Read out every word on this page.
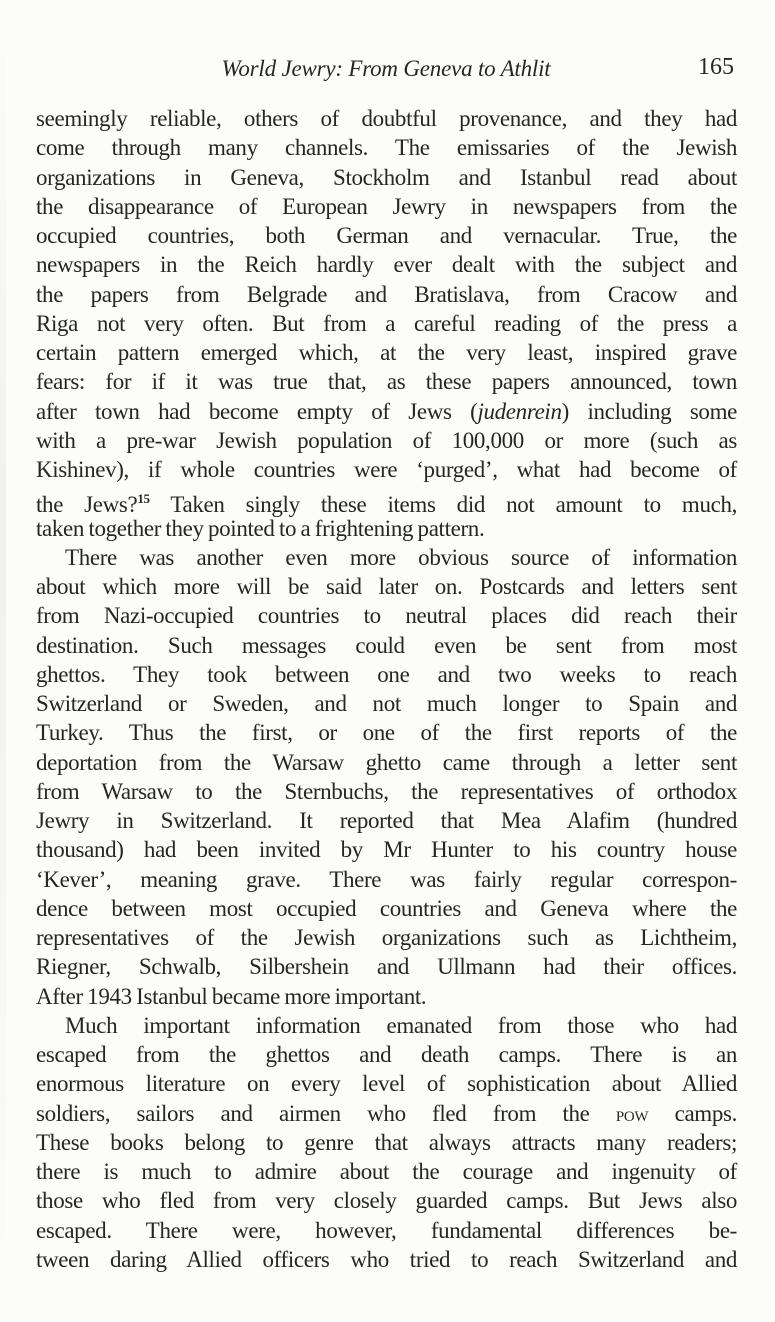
World Jewry: From Geneva to Athlit	165
seemingly reliable, others of doubtful provenance, and they had
come through many channels. The emissaries of the Jewish
organizations in Geneva, Stockholm and Istanbul read about
the disappearance of European Jewry in newspapers from the
occupied countries, both German and vernacular. True, the
newspapers in the Reich hardly ever dealt with the subject and
the papers from Belgrade and Bratislava, from Cracow and
Riga not very often. But from a careful reading of the press a
certain pattern emerged which, at the very least, inspired grave
fears: for if it was true that, as these papers announced, town
after town had become empty of Jews (judenrein) including some
with a pre-war Jewish population of 100,000 or more (such as
Kishinev), if whole countries were ‘purged’, what had become of
the Jews?$^{15}$ Taken singly these items did not amount to much,
taken together they pointed to a frightening pattern.
There was another even more obvious source of information
about which more will be said later on. Postcards and letters sent
from Nazi-occupied countries to neutral places did reach their
destination. Such messages could even be sent from most
ghettos. They took between one and two weeks to reach
Switzerland or Sweden, and not much longer to Spain and
Turkey. Thus the first, or one of the first reports of the
deportation from the Warsaw ghetto came through a letter sent
from Warsaw to the Sternbuchs, the representatives of orthodox
Jewry in Switzerland. It reported that Mea Alafim (hundred
thousand) had been invited by Mr Hunter to his country house
‘Kever’, meaning grave. There was fairly regular correspon-
dence between most occupied countries and Geneva where the
representatives of the Jewish organizations such as Lichtheim,
Riegner, Schwalb, Silbershein and Ullmann had their offices.
After 1943 Istanbul became more important.
Much important information emanated from those who had
escaped from the ghettos and death camps. There is an
enormous literature on every level of sophistication about Allied
soldiers, sailors and airmen who fled from the pow camps.
These books belong to genre that always attracts many readers;
there is much to admire about the courage and ingenuity of
those who fled from very closely guarded camps. But Jews also
escaped. There were, however, fundamental differences be-
tween daring Allied officers who tried to reach Switzerland and
